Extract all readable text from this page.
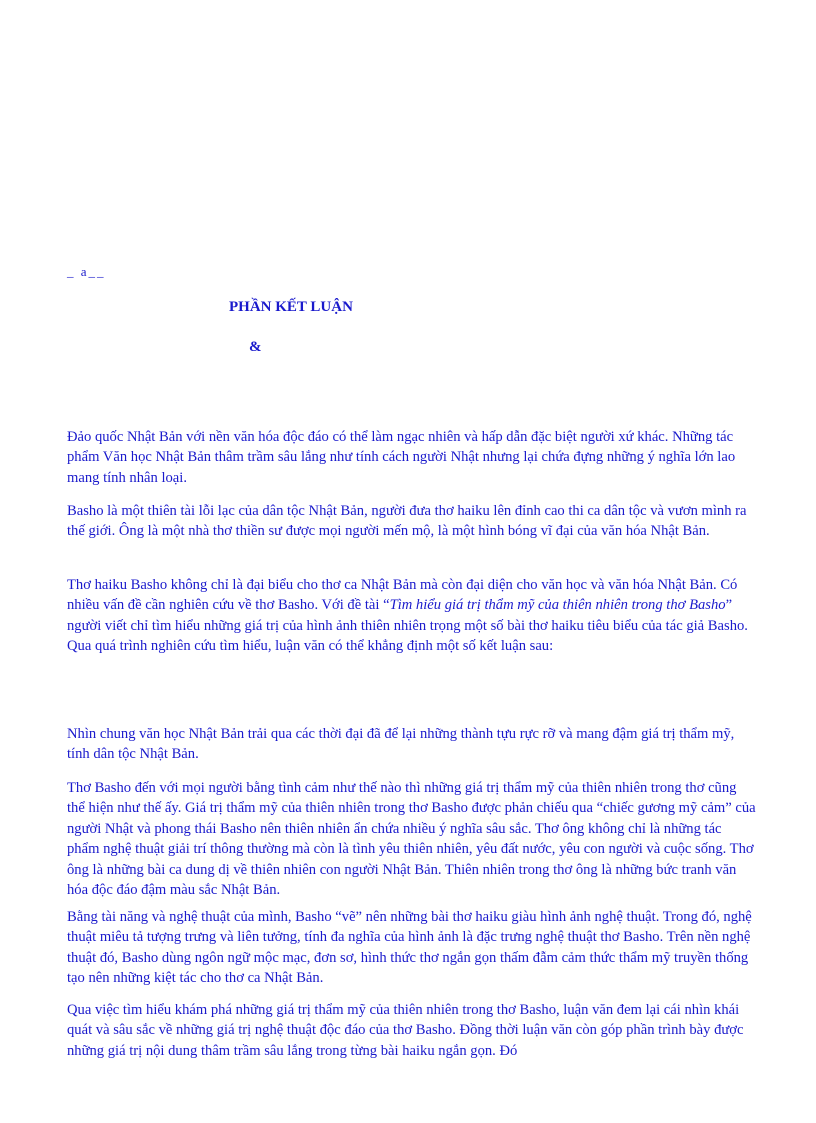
_ a__
PHẦN KẾT LUẬN
&

Đảo quốc Nhật Bản với nền văn hóa độc đáo có thể làm ngạc nhiên và hấp dẫn đặc biệt người xứ khác. Những tác phẩm Văn học Nhật Bản thâm trầm sâu lắng như tính cách người Nhật nhưng lại chứa đựng những ý nghĩa lớn lao mang tính nhân loại.

Basho là một thiên tài lỗi lạc của dân tộc Nhật Bản, người đưa thơ haiku lên đỉnh cao thi ca dân tộc và vươn mình ra thế giới. Ông là một nhà thơ thiền sư được mọi người mến mộ, là một hình bóng vĩ đại của văn hóa Nhật Bản.

Thơ haiku Basho không chỉ là đại biểu cho thơ ca Nhật Bản mà còn đại diện cho văn học và văn hóa Nhật Bản. Có nhiều vấn đề cần nghiên cứu về thơ Basho. Với đề tài “Tìm hiểu giá trị thẩm mỹ của thiên nhiên trong thơ Basho” người viết chỉ tìm hiểu những giá trị của hình ảnh thiên nhiên trọng một số bài thơ haiku tiêu biểu của tác giả Basho. Qua quá trình nghiên cứu tìm hiểu, luận văn có thể khẳng định một số kết luận sau:

Nhìn chung văn học Nhật Bản trải qua các thời đại đã để lại những thành tựu rực rỡ và mang đậm giá trị thẩm mỹ, tính dân tộc Nhật Bản.

Thơ Basho đến với mọi người bằng tình cảm như thế nào thì những giá trị thẩm mỹ của thiên nhiên trong thơ cũng thể hiện như thế ấy. Giá trị thẩm mỹ của thiên nhiên trong thơ Basho được phản chiếu qua “chiếc gương mỹ cảm” của người Nhật và phong thái Basho nên thiên nhiên ẩn chứa nhiều ý nghĩa sâu sắc. Thơ ông không chỉ là những tác phẩm nghệ thuật giải trí thông thường mà còn là tình yêu thiên nhiên, yêu đất nước, yêu con người và cuộc sống. Thơ ông là những bài ca dung dị về thiên nhiên con người Nhật Bản. Thiên nhiên trong thơ ông là những bức tranh văn hóa độc đáo đậm màu sắc Nhật Bản.

Bằng tài năng và nghệ thuật của mình, Basho “vẽ” nên những bài thơ haiku giàu hình ảnh nghệ thuật. Trong đó, nghệ thuật miêu tả tượng trưng và liên tưởng, tính đa nghĩa của hình ảnh là đặc trưng nghệ thuật thơ Basho. Trên nền nghệ thuật đó, Basho dùng ngôn ngữ mộc mạc, đơn sơ, hình thức thơ ngắn gọn thấm đẫm cảm thức thẩm mỹ truyền thống tạo nên những kiệt tác cho thơ ca Nhật Bản.

Qua việc tìm hiểu khám phá những giá trị thẩm mỹ của thiên nhiên trong thơ Basho, luận văn đem lại cái nhìn khái quát và sâu sắc về những giá trị nghệ thuật độc đáo của thơ Basho. Đồng thời luận văn còn góp phần trình bày được những giá trị nội dung thâm trầm sâu lắng trong từng bài haiku ngắn gọn. Đó
